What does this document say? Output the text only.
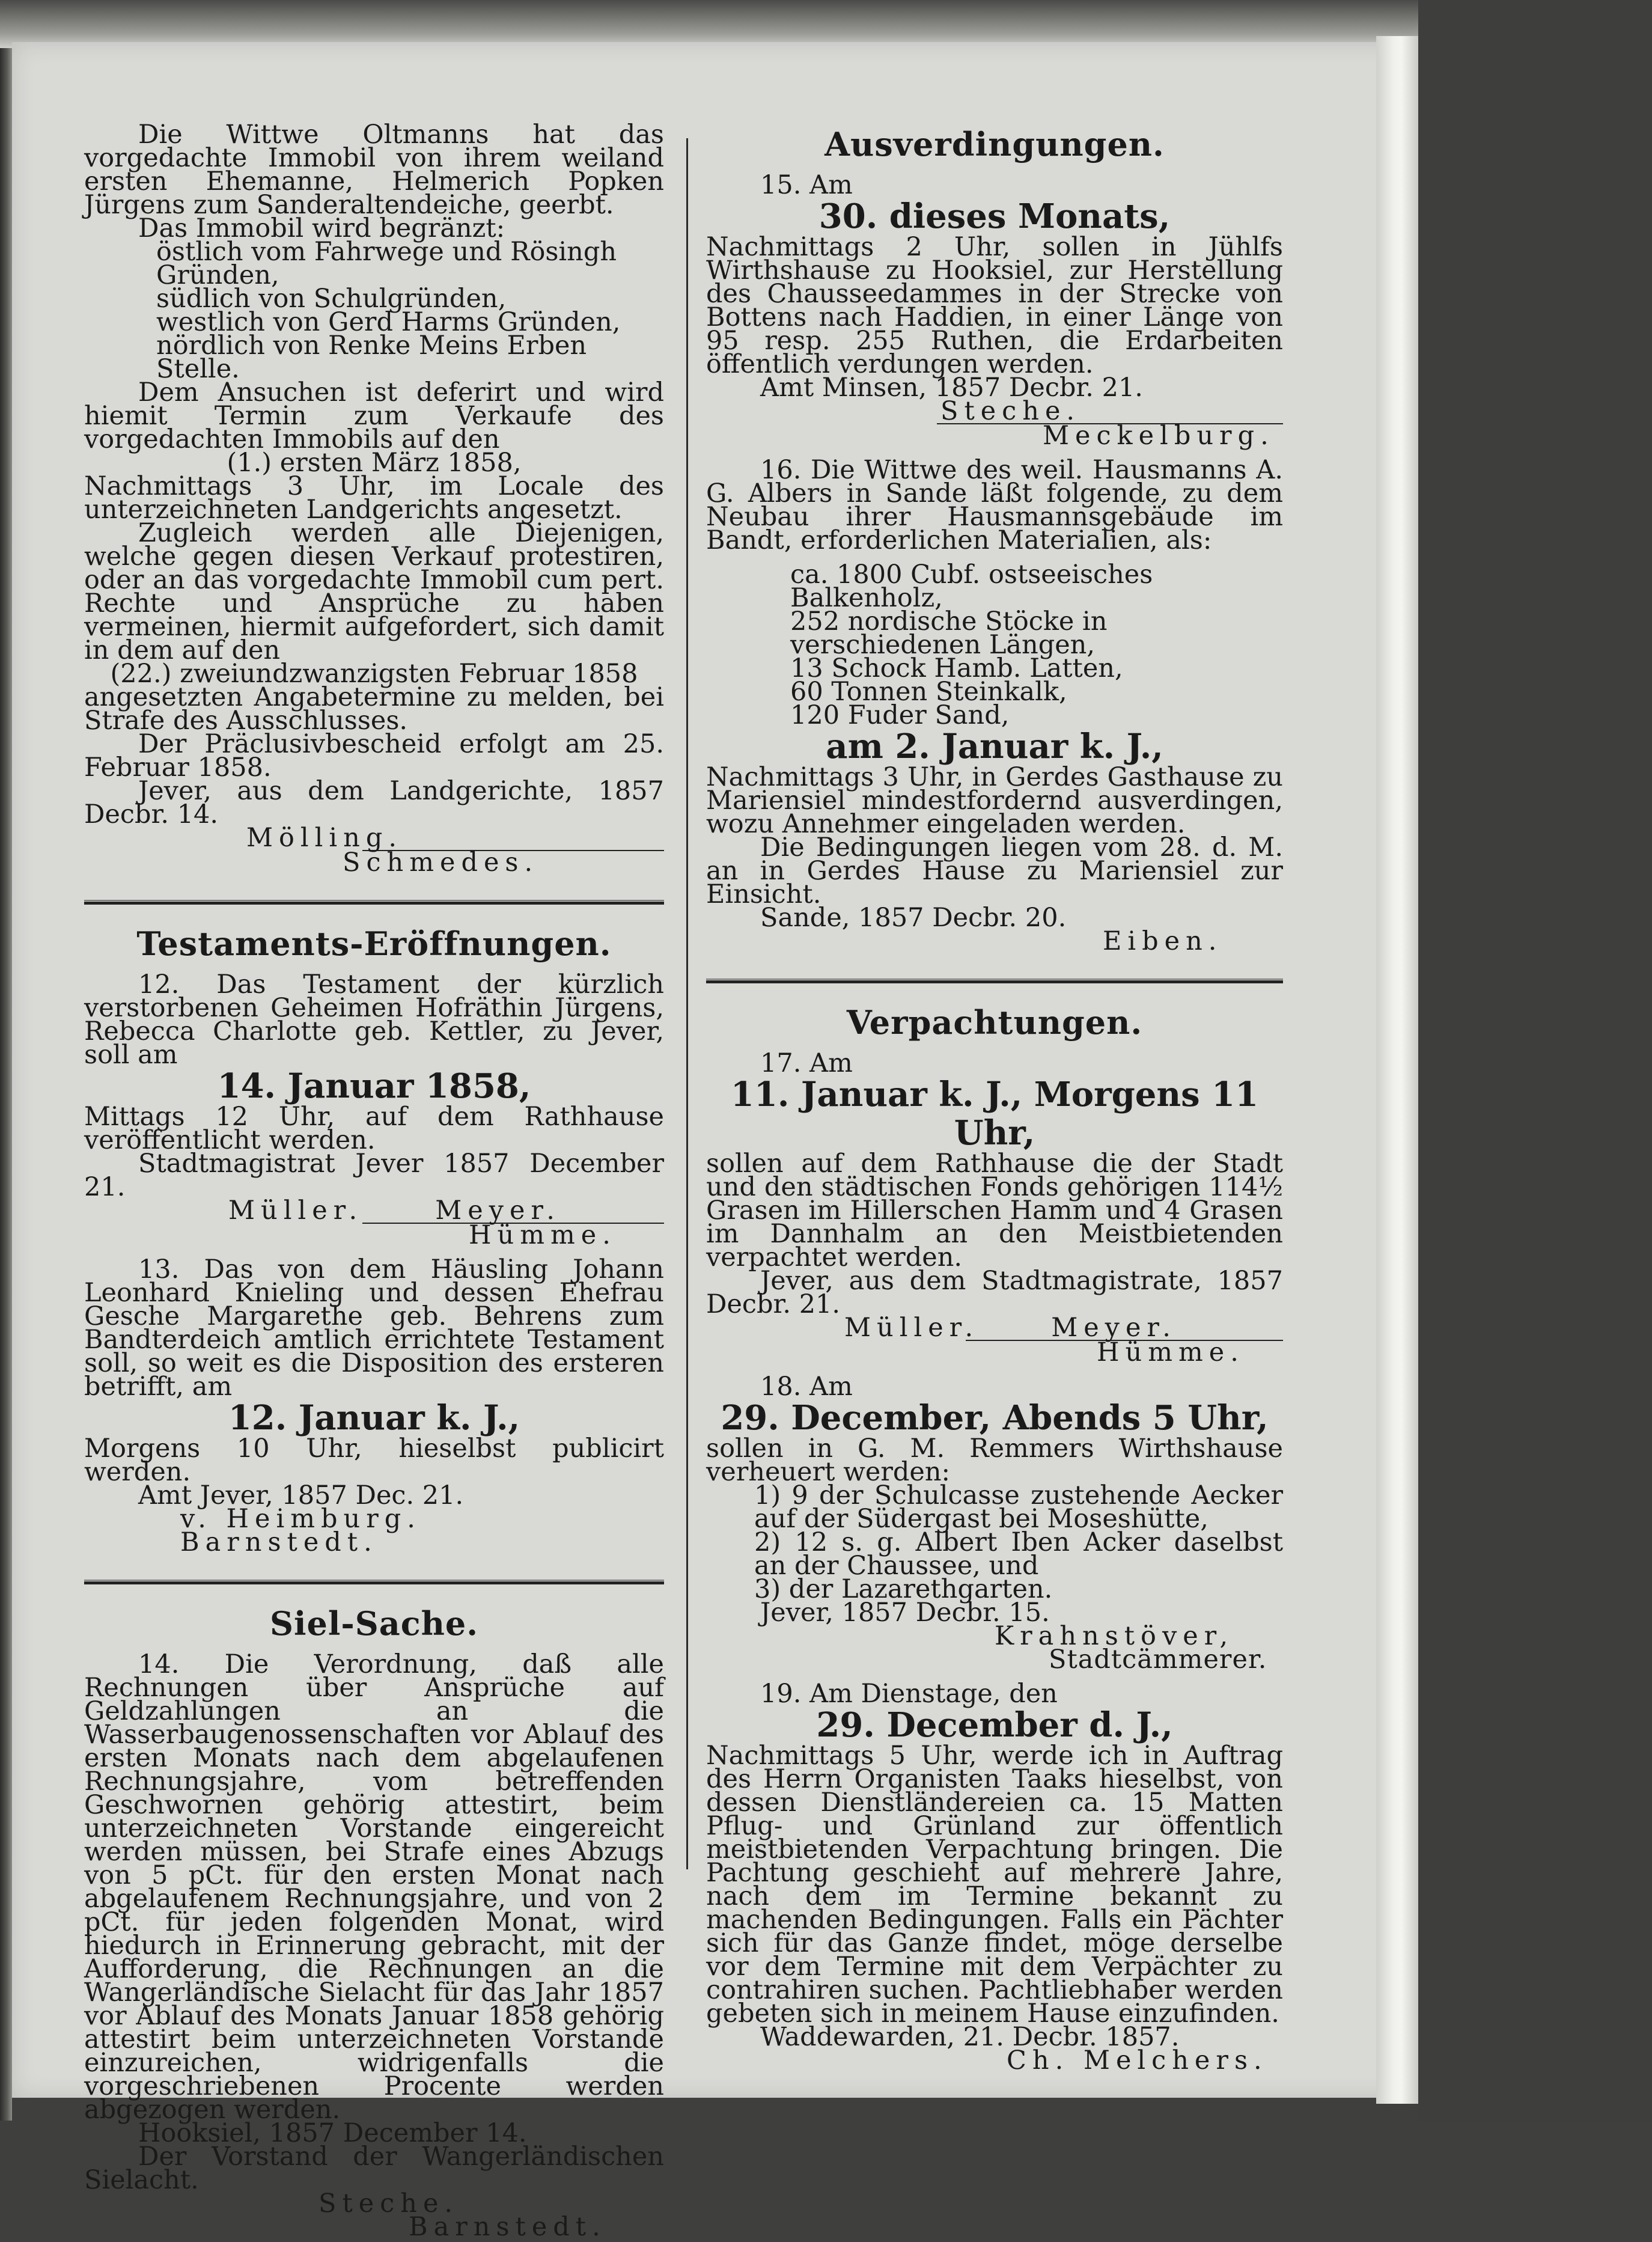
Die Wittwe Oltmanns hat das vorgedachte Immobil von ihrem weiland ersten Ehemanne, Helmerich Popken Jürgens zum Sanderaltendeiche, geerbt.

Das Immobil wird begränzt:

östlich vom Fahrwege und Rösingh Gründen,

südlich von Schulgründen,

westlich von Gerd Harms Gründen,

nördlich von Renke Meins Erben Stelle.

Dem Ansuchen ist deferirt und wird hiemit Termin zum Verkaufe des vorgedachten Immobils auf den

(1.) ersten März 1858,

Nachmittags 3 Uhr, im Locale des unterzeichneten Landgerichts angesetzt.

Zugleich werden alle Diejenigen, welche gegen diesen Verkauf protestiren, oder an das vorgedachte Immobil cum pert. Rechte und Ansprüche zu haben vermeinen, hiermit aufgefordert, sich damit in dem auf den

(22.) zweiundzwanzigsten Februar 1858

angesetzten Angabetermine zu melden, bei Strafe des Ausschlusses.

Der Präclusivbescheid erfolgt am 25. Februar 1858.

Jever, aus dem Landgerichte, 1857 Decbr. 14.

Mölling.

Schmedes.

Testaments-Eröffnungen.

12. Das Testament der kürzlich verstorbenen Geheimen Hofräthin Jürgens, Rebecca Charlotte geb. Kettler, zu Jever, soll am

14. Januar 1858,

Mittags 12 Uhr, auf dem Rathhause veröffentlicht werden.

Stadtmagistrat Jever 1857 December 21.

Müller.	Meyer.

Hümme.

13. Das von dem Häusling Johann Leonhard Knieling und dessen Ehefrau Gesche Margarethe geb. Behrens zum Bandterdeich amtlich errichtete Testament soll, so weit es die Disposition des ersteren betrifft, am

12. Januar k. J.,

Morgens 10 Uhr, hieselbst publicirt werden.

Amt Jever, 1857 Dec. 21.

v. Heimburg.Barnstedt.

Siel-Sache.

14. Die Verordnung, daß alle Rechnungen über Ansprüche auf Geldzahlungen an die Wasserbaugenossenschaften vor Ablauf des ersten Monats nach dem abgelaufenen Rechnungsjahre, vom betreffenden Geschwornen gehörig attestirt, beim unterzeichneten Vorstande eingereicht werden müssen, bei Strafe eines Abzugs von 5 pCt. für den ersten Monat nach abgelaufenem Rechnungsjahre, und von 2 pCt. für jeden folgenden Monat, wird hiedurch in Erinnerung gebracht, mit der Aufforderung, die Rechnungen an die Wangerländische Sielacht für das Jahr 1857 vor Ablauf des Monats Januar 1858 gehörig attestirt beim unterzeichneten Vorstande einzureichen, widrigenfalls die vorgeschriebenen Procente werden abgezogen werden.

Hooksiel, 1857 December 14.

Der Vorstand der Wangerländischen Sielacht.

Steche.

Barnstedt.

Ausverdingungen.

15. Am

30. dieses Monats,

Nachmittags 2 Uhr, sollen in Jühlfs Wirthshause zu Hooksiel, zur Herstellung des Chausseedammes in der Strecke von Bottens nach Haddien, in einer Länge von 95 resp. 255 Ruthen, die Erdarbeiten öffentlich verdungen werden.

Amt Minsen, 1857 Decbr. 21.

Steche.

Meckelburg.

16. Die Wittwe des weil. Hausmanns A. G. Albers in Sande läßt folgende, zu dem Neubau ihrer Hausmannsgebäude im Bandt, erforderlichen Materialien, als:

ca. 1800 Cubf. ostseeisches Balkenholz,

252 nordische Stöcke in verschiedenen Längen,

13 Schock Hamb. Latten,

60 Tonnen Steinkalk,

120 Fuder Sand,

am 2. Januar k. J.,

Nachmittags 3 Uhr, in Gerdes Gasthause zu Mariensiel mindestfordernd ausverdingen, wozu Annehmer eingeladen werden.

Die Bedingungen liegen vom 28. d. M. an in Gerdes Hause zu Mariensiel zur Einsicht.

Sande, 1857 Decbr. 20.

Eiben.

Verpachtungen.

17. Am

11. Januar k. J., Morgens 11 Uhr,

sollen auf dem Rathhause die der Stadt und den städtischen Fonds gehörigen 114½ Grasen im Hillerschen Hamm und 4 Grasen im Dannhalm an den Meistbietenden verpachtet werden.

Jever, aus dem Stadtmagistrate, 1857 Decbr. 21.

Müller.	Meyer.

Hümme.

18. Am

29. December, Abends 5 Uhr,

sollen in G. M. Remmers Wirthshause verheuert werden:

1) 9 der Schulcasse zustehende Aecker auf der Südergast bei Moseshütte,

2) 12 s. g. Albert Iben Acker daselbst an der Chaussee, und

3) der Lazarethgarten.

Jever, 1857 Decbr. 15.

Krahnstöver,

Stadtcämmerer.

19. Am Dienstage, den

29. December d. J.,

Nachmittags 5 Uhr, werde ich in Auftrag des Herrn Organisten Taaks hieselbst, von dessen Dienstländereien ca. 15 Matten Pflug- und Grünland zur öffentlich meistbietenden Verpachtung bringen. Die Pachtung geschieht auf mehrere Jahre, nach dem im Termine bekannt zu machenden Bedingungen. Falls ein Pächter sich für das Ganze findet, möge derselbe vor dem Termine mit dem Verpächter zu contrahiren suchen. Pachtliebhaber werden gebeten sich in meinem Hause einzufinden.

Waddewarden, 21. Decbr. 1857.

Ch. Melchers.
